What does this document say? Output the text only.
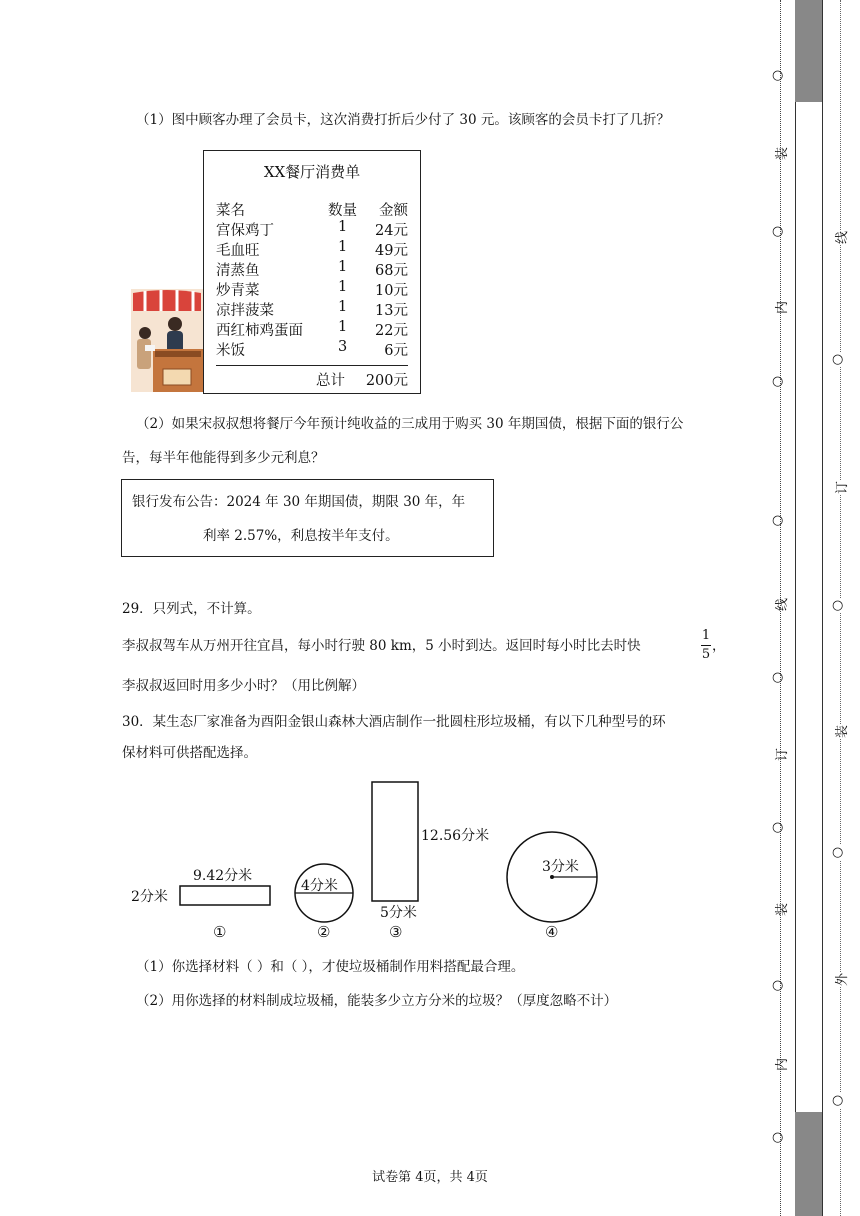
（1）图中顾客办理了会员卡，这次消费打折后少付了 30 元。该顾客的会员卡打了几折？
XX餐厅消费单
菜名	数量 金额
宫保鸡丁	1 24元
毛血旺	1 49元
清蒸鱼	1 68元
炒青菜	1 10元
凉拌菠菜	1 13元
西红柿鸡蛋面 1 22元
米饭	3	6元
总计 200元
（2）如果宋叔叔想将餐厅今年预计纯收益的三成用于购买 30 年期国债，根据下面的银行公
告，每半年他能得到多少元利息？
银行发布公告：2024 年 30 年期国债，期限 30 年，年
利率 2.57%，利息按半年支付。
29．只列式，不计算。
李叔叔驾车从万州开往宜昌，每小时行驶 80 km，5 小时到达。返回时每小时比去时快
1
5
，
李叔叔返回时用多少小时？（用比例解）
30．某生态厂家准备为酉阳金银山森林大酒店制作一批圆柱形垃圾桶，有以下几种型号的环
保材料可供搭配选择。
9.42分米
2分米
4分米
12.56分米
5分米
3分米
①	②	③	④
（1）你选择材料（ ）和（ ），才使垃圾桶制作用料搭配最合理。
（2）用你选择的材料制成垃圾桶，能装多少立方分米的垃圾？（厚度忽略不计）
试卷第 4页，共 4页
○
○
○
○
○
○
○
○
装
内
订
线
装
内
○
○
○
○
线
订
装
外
